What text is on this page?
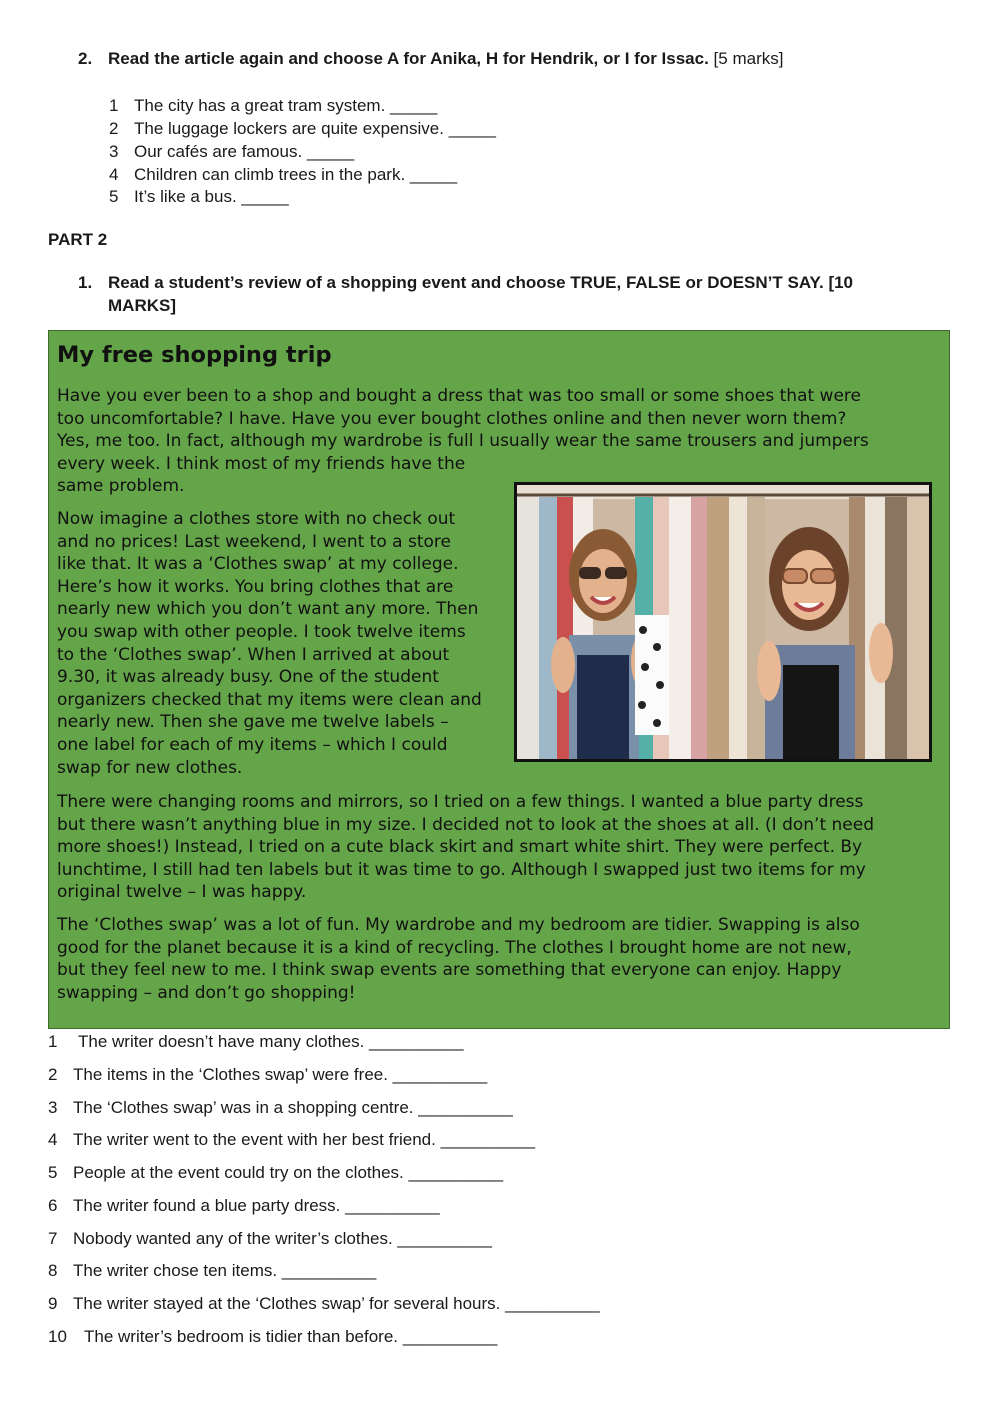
2. Read the article again and choose A for Anika, H for Hendrik, or I for Issac. [5 marks]
1 The city has a great tram system. _____
2 The luggage lockers are quite expensive. _____
3 Our cafés are famous. _____
4 Children can climb trees in the park. _____
5 It’s like a bus. _____
PART 2
1. Read a student’s review of a shopping event and choose TRUE, FALSE or DOESN’T SAY. [10
MARKS]
My free shopping trip
Have you ever been to a shop and bought a dress that was too small or some shoes that were
too uncomfortable? I have. Have you ever bought clothes online and then never worn them?
Yes, me too. In fact, although my wardrobe is full I usually wear the same trousers and jumpers
every week. I think most of my friends have the
same problem.
Now imagine a clothes store with no check out
and no prices! Last weekend, I went to a store
like that. It was a ‘Clothes swap’ at my college.
Here’s how it works. You bring clothes that are
nearly new which you don’t want any more. Then
you swap with other people. I took twelve items
to the ‘Clothes swap’. When I arrived at about
9.30, it was already busy. One of the student
organizers checked that my items were clean and
nearly new. Then she gave me twelve labels –
one label for each of my items – which I could
swap for new clothes.
There were changing rooms and mirrors, so I tried on a few things. I wanted a blue party dress
but there wasn’t anything blue in my size. I decided not to look at the shoes at all. (I don’t need
more shoes!) Instead, I tried on a cute black skirt and smart white shirt. They were perfect. By
lunchtime, I still had ten labels but it was time to go. Although I swapped just two items for my
original twelve – I was happy.
The ‘Clothes swap’ was a lot of fun. My wardrobe and my bedroom are tidier. Swapping is also
good for the planet because it is a kind of recycling. The clothes I brought home are not new,
but they feel new to me. I think swap events are something that everyone can enjoy. Happy
swapping – and don’t go shopping!
1 The writer doesn’t have many clothes. __________
2 The items in the ‘Clothes swap’ were free. __________
3 The ‘Clothes swap’ was in a shopping centre. __________
4 The writer went to the event with her best friend. __________
5 People at the event could try on the clothes. __________
6 The writer found a blue party dress. __________
7 Nobody wanted any of the writer’s clothes. __________
8 The writer chose ten items. __________
9 The writer stayed at the ‘Clothes swap’ for several hours. __________
10 The writer’s bedroom is tidier than before. __________
